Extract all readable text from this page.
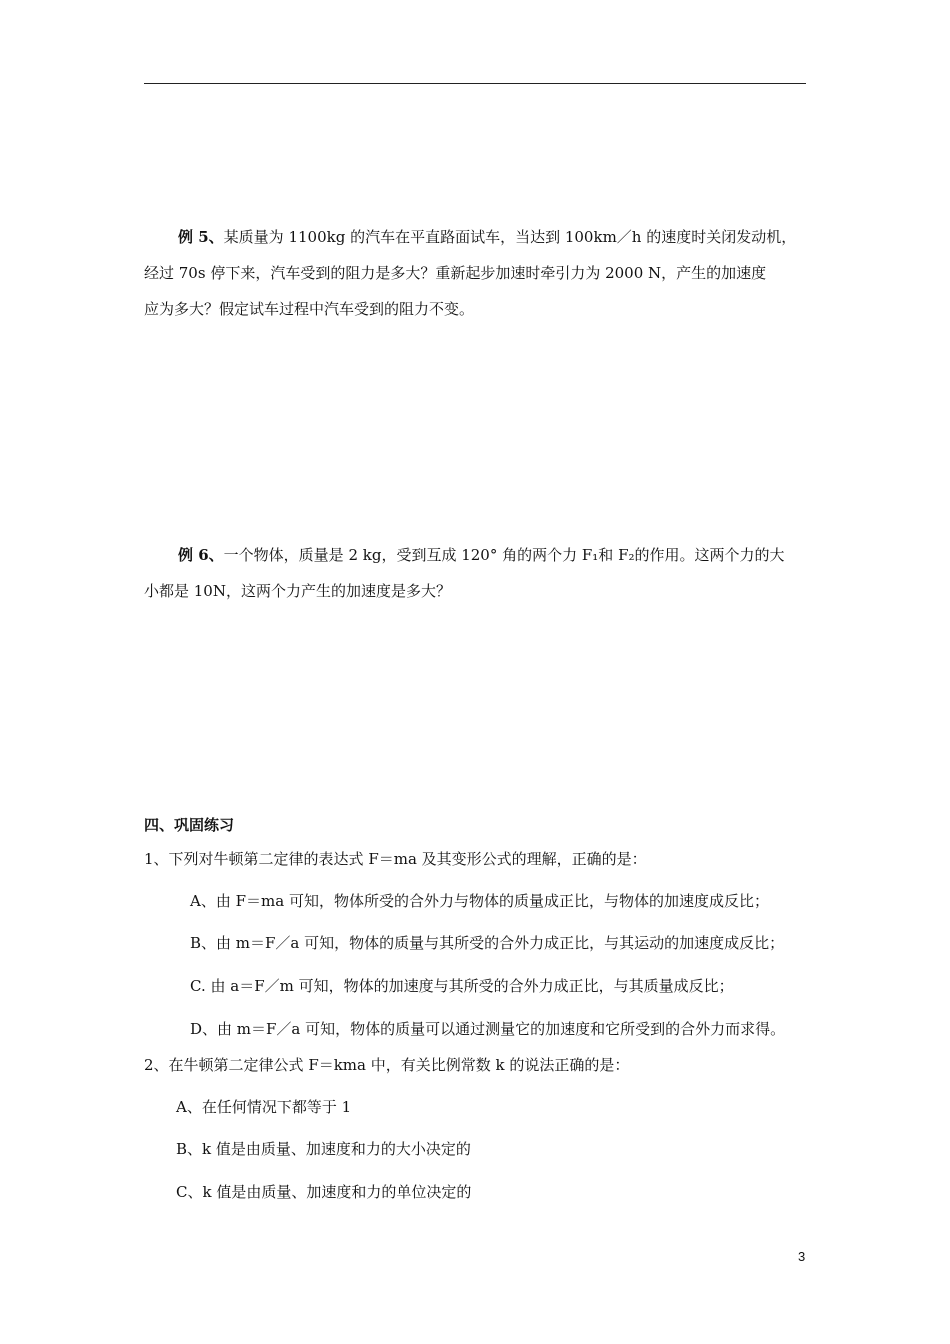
例 5、某质量为 1100kg 的汽车在平直路面试车，当达到 100km／h 的速度时关闭发动机，
经过 70s 停下来，汽车受到的阻力是多大？重新起步加速时牵引力为 2000 N，产生的加速度
应为多大？假定试车过程中汽车受到的阻力不变。
例 6、一个物体，质量是 2 kg，受到互成 120° 角的两个力 F₁和 F₂的作用。这两个力的大
小都是 10N，这两个力产生的加速度是多大？
四、巩固练习
1、下列对牛顿第二定律的表达式 F＝ma 及其变形公式的理解，正确的是：
A、由 F＝ma 可知，物体所受的合外力与物体的质量成正比，与物体的加速度成反比；
B、由 m＝F／a 可知，物体的质量与其所受的合外力成正比，与其运动的加速度成反比；
C. 由 a＝F／m 可知，物体的加速度与其所受的合外力成正比，与其质量成反比；
D、由 m＝F／a 可知，物体的质量可以通过测量它的加速度和它所受到的合外力而求得。
2、在牛顿第二定律公式 F＝kma 中，有关比例常数 k 的说法正确的是：
A、在任何情况下都等于 1
B、k 值是由质量、加速度和力的大小决定的
C、k 值是由质量、加速度和力的单位决定的
3
